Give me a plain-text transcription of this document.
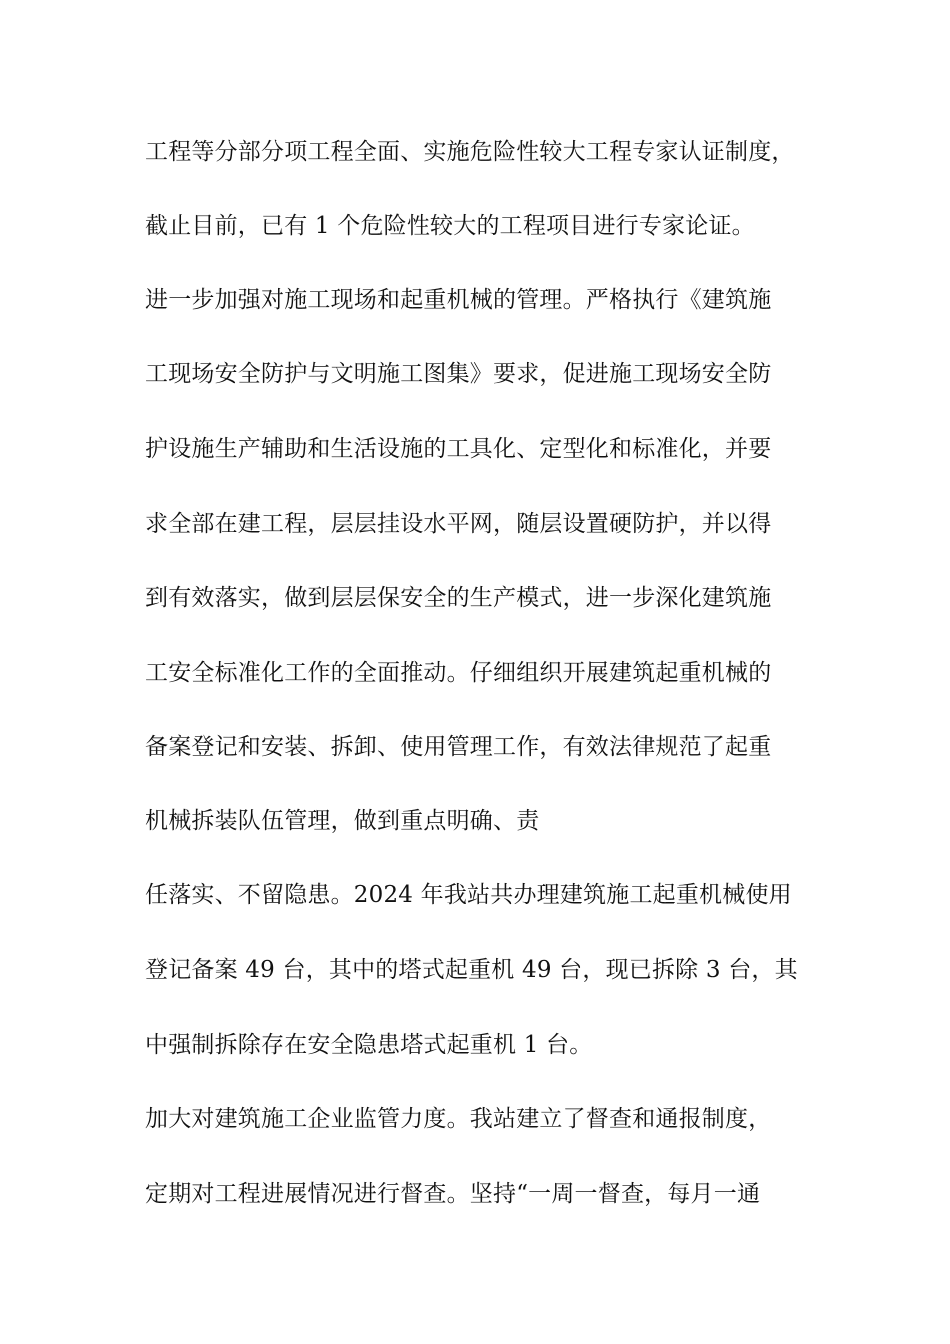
工程等分部分项工程全面、实施危险性较大工程专家认证制度，

截止目前，已有 1 个危险性较大的工程项目进行专家论证。

进一步加强对施工现场和起重机械的管理。严格执行《建筑施

工现场安全防护与文明施工图集》要求，促进施工现场安全防

护设施生产辅助和生活设施的工具化、定型化和标准化，并要

求全部在建工程，层层挂设水平网，随层设置硬防护，并以得

到有效落实，做到层层保安全的生产模式，进一步深化建筑施

工安全标准化工作的全面推动。仔细组织开展建筑起重机械的

备案登记和安装、拆卸、使用管理工作，有效法律规范了起重

机械拆装队伍管理，做到重点明确、责

任落实、不留隐患。2024 年我站共办理建筑施工起重机械使用

登记备案 49 台，其中的塔式起重机 49 台，现已拆除 3 台，其

中强制拆除存在安全隐患塔式起重机 1 台。

加大对建筑施工企业监管力度。我站建立了督查和通报制度，

定期对工程进展情况进行督查。坚持“一周一督查，每月一通
